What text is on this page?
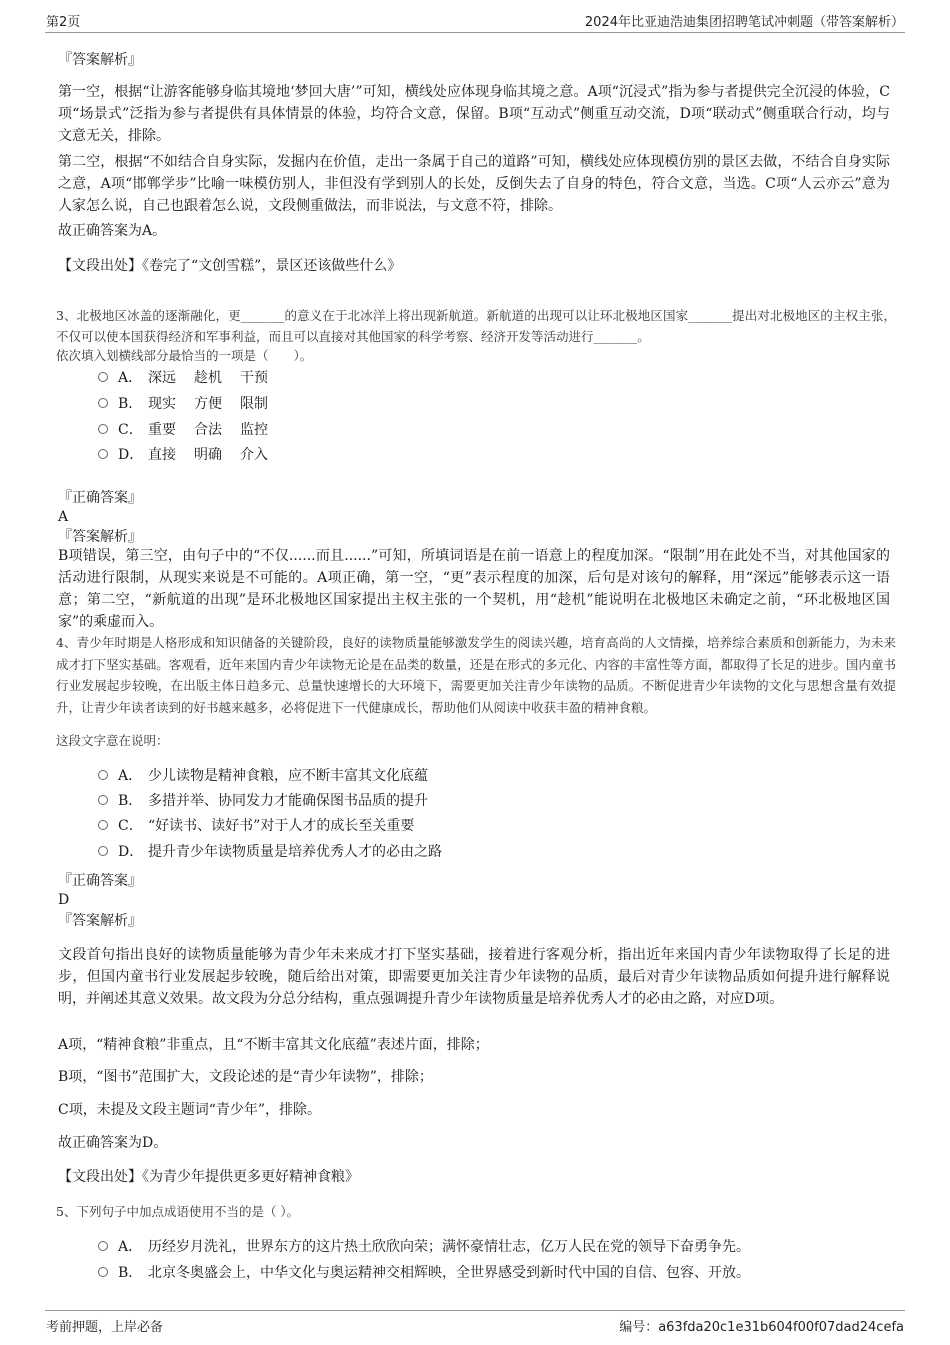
第2页	2024年比亚迪浩迪集团招聘笔试冲刺题（带答案解析）
『答案解析』
第一空，根据“让游客能够身临其境地‘梦回大唐’”可知，横线处应体现身临其境之意。A项“沉浸式”指为参与者提供完全沉浸的体验，C项“场景式”泛指为参与者提供有具体情景的体验，均符合文意，保留。B项“互动式”侧重互动交流，D项“联动式”侧重联合行动，均与文意无关，排除。
第二空，根据“不如结合自身实际，发掘内在价值，走出一条属于自己的道路”可知，横线处应体现模仿别的景区去做，不结合自身实际之意，A项“邯郸学步”比喻一味模仿别人，非但没有学到别人的长处，反倒失去了自身的特色，符合文意，当选。C项“人云亦云”意为人家怎么说，自己也跟着怎么说，文段侧重做法，而非说法，与文意不符，排除。
故正确答案为A。
【文段出处】《卷完了“文创雪糕”，景区还该做些什么》
3、北极地区冰盖的逐渐融化，更_______的意义在于北冰洋上将出现新航道。新航道的出现可以让环北极地区国家_______提出对北极地区的主权主张，不仅可以使本国获得经济和军事利益，而且可以直接对其他国家的科学考察、经济开发等活动进行_______。
依次填入划横线部分最恰当的一项是（　　）。
A． 深远 趁机 干预
B． 现实 方便 限制
C． 重要 合法 监控
D． 直接 明确 介入
『正确答案』
A
『答案解析』
B项错误，第三空，由句子中的“不仅......而且......”可知，所填词语是在前一语意上的程度加深。“限制”用在此处不当，对其他国家的活动进行限制，从现实来说是不可能的。A项正确，第一空，“更”表示程度的加深，后句是对该句的解释，用“深远”能够表示这一语意；第二空，“新航道的出现”是环北极地区国家提出主权主张的一个契机，用“趁机”能说明在北极地区未确定之前，“环北极地区国家”的乘虚而入。
4、青少年时期是人格形成和知识储备的关键阶段，良好的读物质量能够激发学生的阅读兴趣，培育高尚的人文情操，培养综合素质和创新能力，为未来成才打下坚实基础。客观看，近年来国内青少年读物无论是在品类的数量，还是在形式的多元化、内容的丰富性等方面，都取得了长足的进步。国内童书行业发展起步较晚，在出版主体日趋多元、总量快速增长的大环境下，需要更加关注青少年读物的品质。不断促进青少年读物的文化与思想含量有效提升，让青少年读者读到的好书越来越多，必将促进下一代健康成长，帮助他们从阅读中收获丰盈的精神食粮。
这段文字意在说明：
A． 少儿读物是精神食粮，应不断丰富其文化底蕴
B． 多措并举、协同发力才能确保图书品质的提升
C． “好读书、读好书”对于人才的成长至关重要
D． 提升青少年读物质量是培养优秀人才的必由之路
『正确答案』
D
『答案解析』
文段首句指出良好的读物质量能够为青少年未来成才打下坚实基础，接着进行客观分析，指出近年来国内青少年读物取得了长足的进步，但国内童书行业发展起步较晚，随后给出对策，即需要更加关注青少年读物的品质，最后对青少年读物品质如何提升进行解释说明，并阐述其意义效果。故文段为分总分结构，重点强调提升青少年读物质量是培养优秀人才的必由之路，对应D项。
A项，“精神食粮”非重点，且“不断丰富其文化底蕴”表述片面，排除；
B项，“图书”范围扩大，文段论述的是“青少年读物”，排除；
C项，未提及文段主题词“青少年”，排除。
故正确答案为D。
【文段出处】《为青少年提供更多更好精神食粮》
5、下列句子中加点成语使用不当的是（ ）。
A． 历经岁月洗礼，世界东方的这片热土欣欣向荣；满怀豪情壮志，亿万人民在党的领导下奋勇争先。
B． 北京冬奥盛会上，中华文化与奥运精神交相辉映，全世界感受到新时代中国的自信、包容、开放。
考前押题，上岸必备	编号：a63fda20c1e31b604f00f07dad24cefa
